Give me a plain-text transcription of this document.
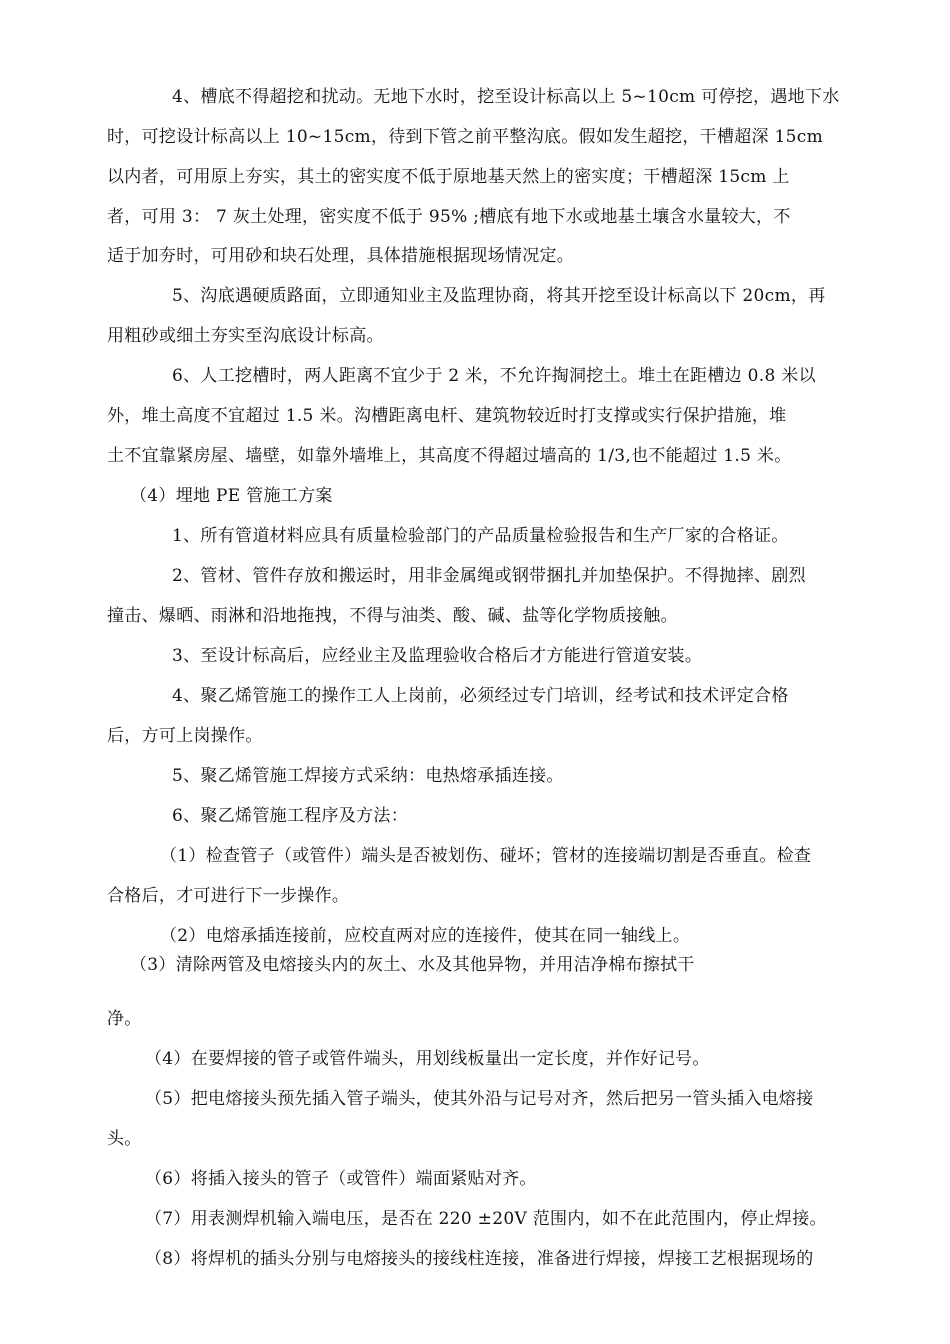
4、槽底不得超挖和扰动。无地下水时，挖至设计标高以上 5~10cm 可停挖，遇地下水
时，可挖设计标高以上 10~15cm，待到下管之前平整沟底。假如发生超挖，干槽超深 15cm
以内者，可用原上夯实，其土的密实度不低于原地基天然上的密实度；干槽超深 15cm 上
者，可用 3： 7 灰土处理，密实度不低于 95% ;槽底有地下水或地基土壤含水量较大，不
适于加夯时，可用砂和块石处理，具体措施根据现场情况定。
5、沟底遇硬质路面，立即通知业主及监理协商，将其开挖至设计标高以下 20cm，再
用粗砂或细土夯实至沟底设计标高。
6、人工挖槽时，两人距离不宜少于 2 米，不允许掏洞挖土。堆土在距槽边 0.8 米以
外，堆土高度不宜超过 1.5 米。沟槽距离电杆、建筑物较近时打支撑或实行保护措施，堆
土不宜靠紧房屋、墙壁，如靠外墙堆上，其高度不得超过墙高的 1/3,也不能超过 1.5 米。
（4）埋地 PE 管施工方案
1、所有管道材料应具有质量检验部门的产品质量检验报告和生产厂家的合格证。
2、管材、管件存放和搬运时，用非金属绳或钢带捆扎并加垫保护。不得抛摔、剧烈
撞击、爆晒、雨淋和沿地拖拽，不得与油类、酸、碱、盐等化学物质接触。
3、至设计标高后，应经业主及监理验收合格后才方能进行管道安装。
4、聚乙烯管施工的操作工人上岗前，必须经过专门培训，经考试和技术评定合格
后，方可上岗操作。
5、聚乙烯管施工焊接方式采纳：电热熔承插连接。
6、聚乙烯管施工程序及方法：
（1）检查管子（或管件）端头是否被划伤、碰坏；管材的连接端切割是否垂直。检查
合格后，才可进行下一步操作。
（2）电熔承插连接前，应校直两对应的连接件，使其在同一轴线上。
（3）清除两管及电熔接头内的灰土、水及其他异物，并用洁净棉布擦拭干
净。
（4）在要焊接的管子或管件端头，用划线板量出一定长度，并作好记号。
（5）把电熔接头预先插入管子端头，使其外沿与记号对齐，然后把另一管头插入电熔接
头。
（6）将插入接头的管子（或管件）端面紧贴对齐。
（7）用表测焊机输入端电压，是否在 220 ±20V 范围内，如不在此范围内，停止焊接。
（8）将焊机的插头分别与电熔接头的接线柱连接，准备进行焊接，焊接工艺根据现场的
